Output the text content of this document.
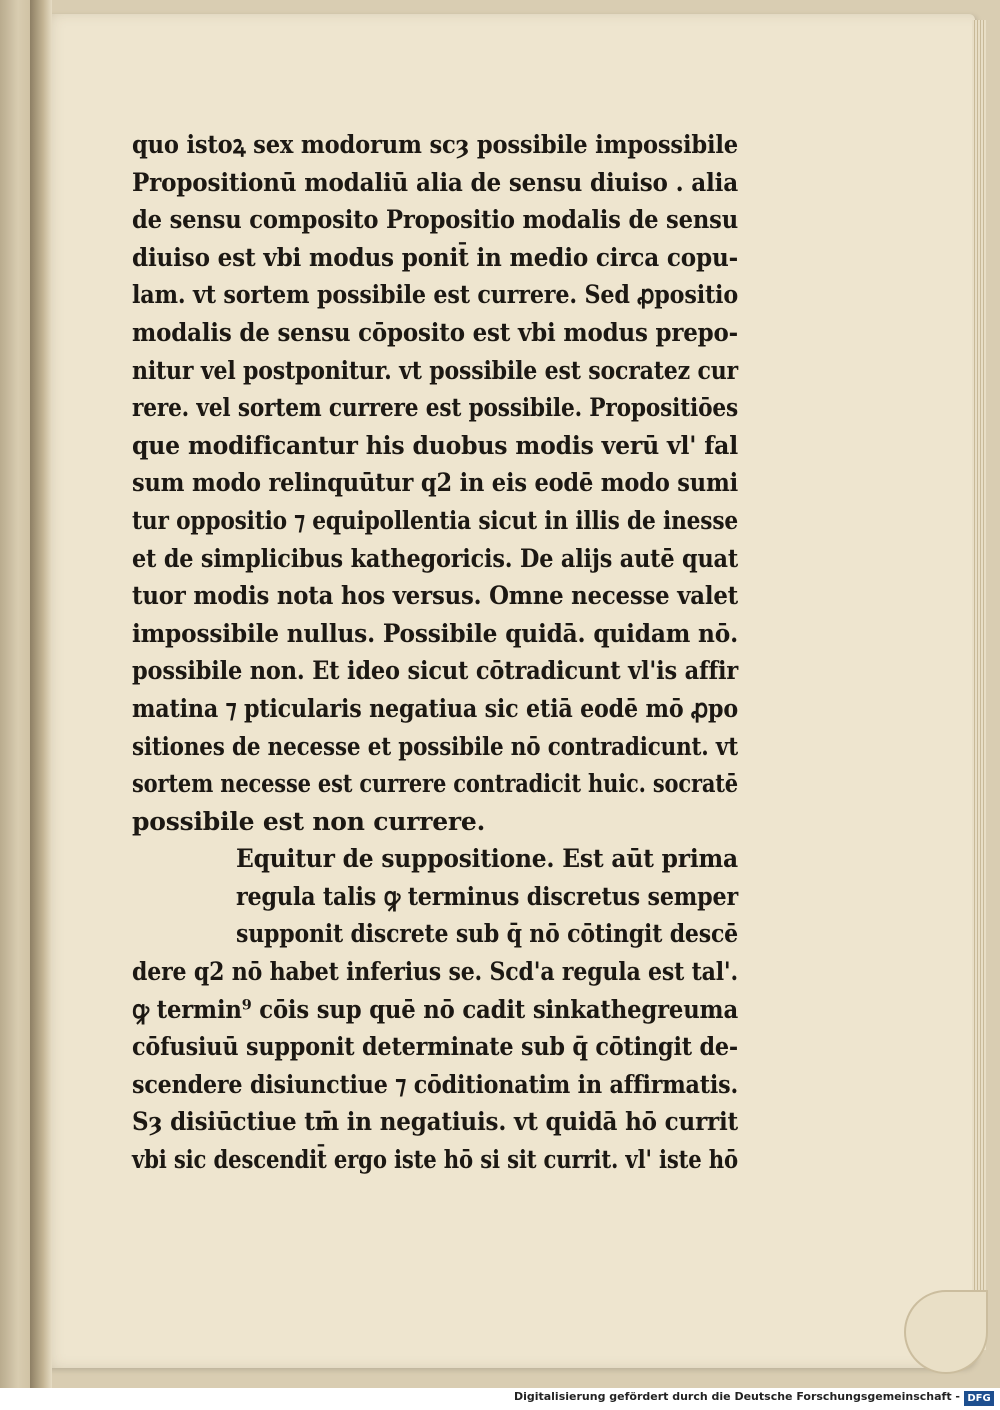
quo istoꝝ sex modorum scȝ possibile impossibile
Propositionū modaliū alia de sensu diuiso . alia
de sensu composito Propositio modalis de sensu
diuiso est vbi modus ponit̄ in medio circa copu-
lam. vt sortem possibile est currere. Sed ꝓpositio
modalis de sensu cōposito est vbi modus prepo-
nitur vel postponitur. vt possibile est socratez cur
rere. vel sortem currere est possibile. Propositiōes
que modificantur his duobus modis verū vl' fal
sum modo relinquūtur q2 in eis eodē modo sumi
tur oppositio ⁊ equipollentia sicut in illis de inesse
et de simplicibus kathegoricis. De alijs autē quat
tuor modis nota hos versus. Omne necesse valet
impossibile nullus. Possibile quidā. quidam nō.
possibile non. Et ideo sicut cōtradicunt vl'is affir
matina ⁊ pticularis negatiua sic etiā eodē mō ꝓpo
sitiones de necesse et possibile nō contradicunt. vt
sortem necesse est currere contradicit huic. socratē
possibile est non currere.
Equitur de suppositione. Est aūt prima
regula talis ꝙ terminus discretus semper
supponit discrete sub q̄ nō cōtingit descē
dere q2 nō habet inferius se. Scd'a regula est tal'.
ꝙ termin⁹ cōis sup quē nō cadit sinkathegreuma
cōfusiuū supponit determinate sub q̄ cōtingit de-
scendere disiunctiue ⁊ cōditionatim in affirmatis.
Sȝ disiūctiue tm̄ in negatiuis. vt quidā hō currit
vbi sic descendit̄ ergo iste hō si sit currit. vl' iste hō
Digitalisierung gefördert durch die Deutsche Forschungsgemeinschaft - DFG
